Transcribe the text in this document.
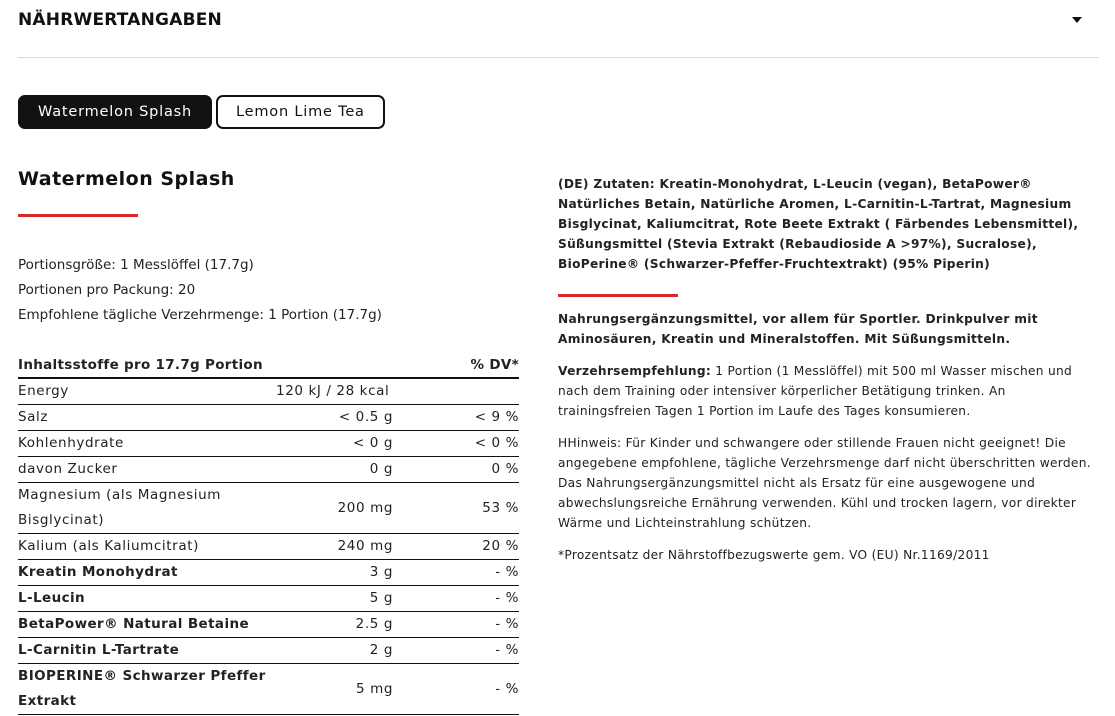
NÄHRWERTANGABEN
Watermelon Splash	Lemon Lime Tea
Watermelon Splash
Portionsgröße: 1 Messlöffel (17.7g)
Portionen pro Packung: 20
Empfohlene tägliche Verzehrmenge: 1 Portion (17.7g)
Inhaltsstoffe pro 17.7g Portion		% DV*
Energy	120 kJ / 28 kcal	
Salz	< 0.5 g	< 9 %
Kohlenhydrate	< 0 g	< 0 %
davon Zucker	0 g	0 %
Magnesium (als Magnesium Bisglycinat)	200 mg	53 %
Kalium (als Kaliumcitrat)	240 mg	20 %
Kreatin Monohydrat	3 g	- %
L-Leucin	5 g	- %
BetaPower® Natural Betaine	2.5 g	- %
L-Carnitin L-Tartrate	2 g	- %
BIOPERINE® Schwarzer Pfeffer Extrakt	5 mg	- %
(DE) Zutaten: Kreatin-Monohydrat, L-Leucin (vegan), BetaPower® Natürliches Betain, Natürliche Aromen, L-Carnitin-L-Tartrat, Magnesium Bisglycinat, Kaliumcitrat, Rote Beete Extrakt ( Färbendes Lebensmittel), Süßungsmittel (Stevia Extrakt (Rebaudioside A >97%), Sucralose), BioPerine® (Schwarzer-Pfeffer-Fruchtextrakt) (95% Piperin)
Nahrungsergänzungsmittel, vor allem für Sportler. Drinkpulver mit Aminosäuren, Kreatin und Mineralstoffen. Mit Süßungsmitteln.
Verzehrsempfehlung: 1 Portion (1 Messlöffel) mit 500 ml Wasser mischen und nach dem Training oder intensiver körperlicher Betätigung trinken. An trainingsfreien Tagen 1 Portion im Laufe des Tages konsumieren.
HHinweis: Für Kinder und schwangere oder stillende Frauen nicht geeignet! Die angegebene empfohlene, tägliche Verzehrsmenge darf nicht überschritten werden. Das Nahrungsergänzungsmittel nicht als Ersatz für eine ausgewogene und abwechslungsreiche Ernährung verwenden. Kühl und trocken lagern, vor direkter Wärme und Lichteinstrahlung schützen.
*Prozentsatz der Nährstoffbezugswerte gem. VO (EU) Nr.1169/2011
